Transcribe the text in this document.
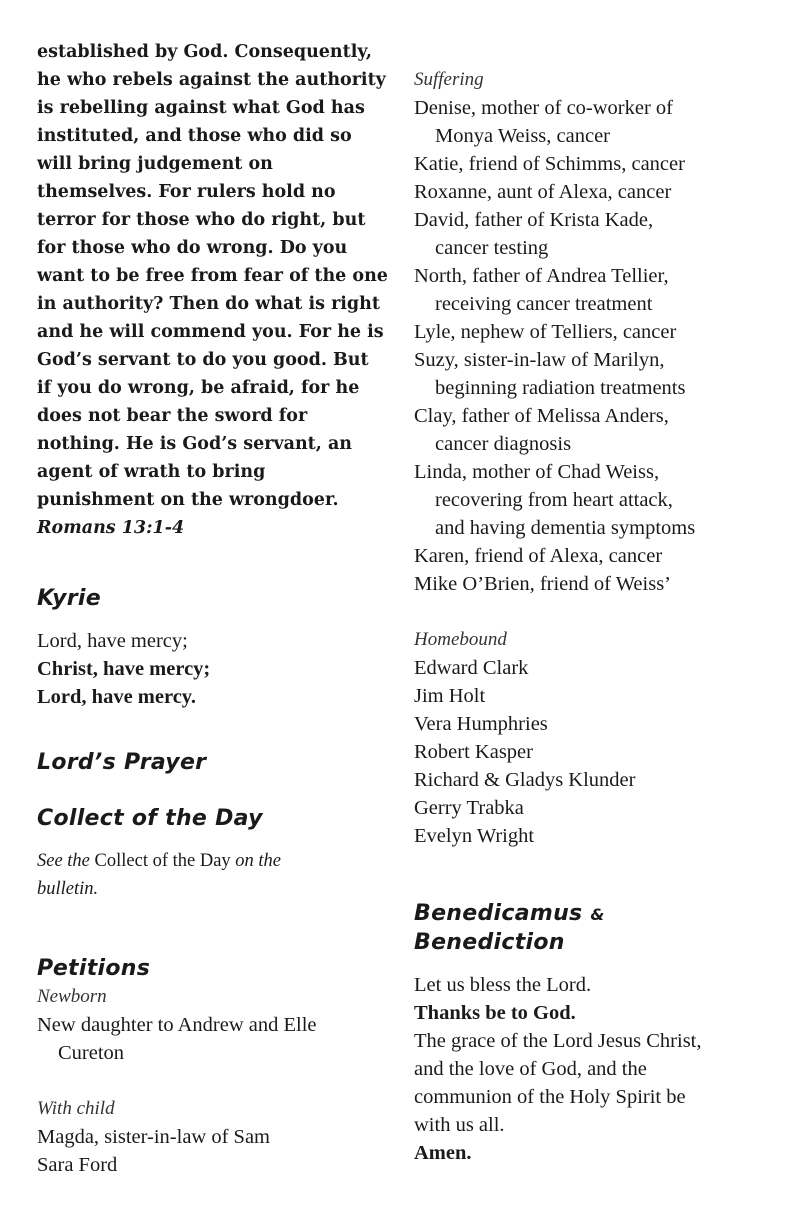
established by God. Consequently,
he who rebels against the authority
is rebelling against what God has
instituted, and those who did so
will bring judgement on
themselves. For rulers hold no
terror for those who do right, but
for those who do wrong. Do you
want to be free from fear of the one
in authority? Then do what is right
and he will commend you. For he is
God’s servant to do you good. But
if you do wrong, be afraid, for he
does not bear the sword for
nothing. He is God’s servant, an
agent of wrath to bring
punishment on the wrongdoer.
Romans 13:1-4
Kyrie
Lord, have mercy;
Christ, have mercy;
Lord, have mercy.
Lord’s Prayer
Collect of the Day
See the Collect of the Day on the
bulletin.
Petitions
Newborn
New daughter to Andrew and Elle
Cureton
With child
Magda, sister-in-law of Sam
Sara Ford
Suffering
Denise, mother of co-worker of
Monya Weiss, cancer
Katie, friend of Schimms, cancer
Roxanne, aunt of Alexa, cancer
David, father of Krista Kade,
cancer testing
North, father of Andrea Tellier,
receiving cancer treatment
Lyle, nephew of Telliers, cancer
Suzy, sister-in-law of Marilyn,
beginning radiation treatments
Clay, father of Melissa Anders,
cancer diagnosis
Linda, mother of Chad Weiss,
recovering from heart attack,
and having dementia symptoms
Karen, friend of Alexa, cancer
Mike O’Brien, friend of Weiss’
Homebound
Edward Clark
Jim Holt
Vera Humphries
Robert Kasper
Richard & Gladys Klunder
Gerry Trabka
Evelyn Wright
Benedicamus &
Benediction
Let us bless the Lord.
Thanks be to God.
The grace of the Lord Jesus Christ,
and the love of God, and the
communion of the Holy Spirit be
with us all.
Amen.
